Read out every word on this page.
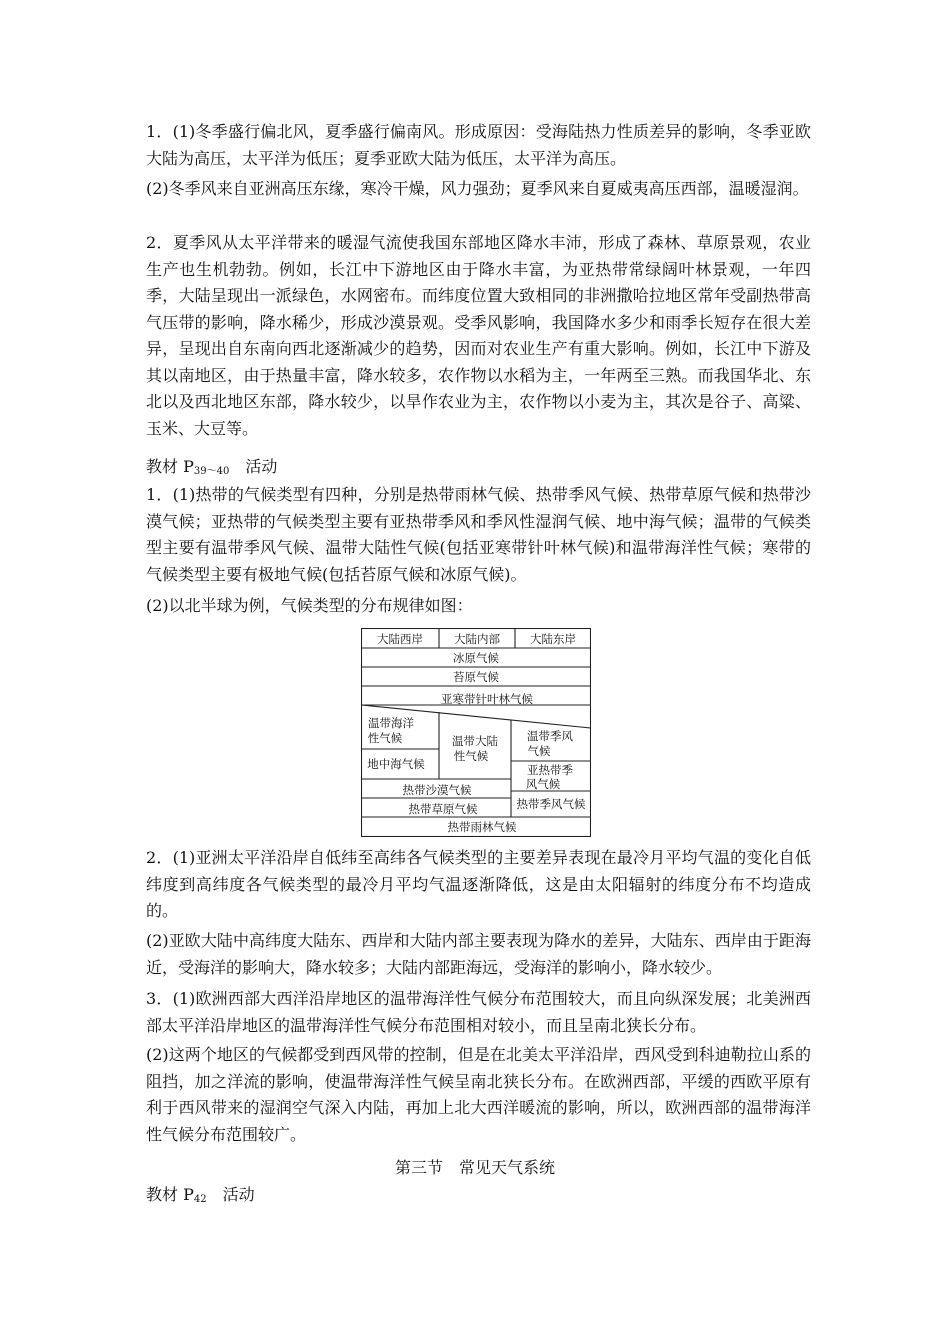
1．(1)冬季盛行偏北风，夏季盛行偏南风。形成原因：受海陆热力性质差异的影响，冬季亚欧大陆为高压，太平洋为低压；夏季亚欧大陆为低压，太平洋为高压。

(2)冬季风来自亚洲高压东缘，寒冷干燥，风力强劲；夏季风来自夏威夷高压西部，温暖湿润。

2．夏季风从太平洋带来的暖湿气流使我国东部地区降水丰沛，形成了森林、草原景观，农业生产也生机勃勃。例如，长江中下游地区由于降水丰富，为亚热带常绿阔叶林景观，一年四季，大陆呈现出一派绿色，水网密布。而纬度位置大致相同的非洲撒哈拉地区常年受副热带高气压带的影响，降水稀少，形成沙漠景观。受季风影响，我国降水多少和雨季长短存在很大差异，呈现出自东南向西北逐渐减少的趋势，因而对农业生产有重大影响。例如，长江中下游及其以南地区，由于热量丰富，降水较多，农作物以水稻为主，一年两至三熟。而我国华北、东北以及西北地区东部，降水较少，以旱作农业为主，农作物以小麦为主，其次是谷子、高粱、玉米、大豆等。

教材 $P_{39\sim 40}$　活动

1．(1)热带的气候类型有四种，分别是热带雨林气候、热带季风气候、热带草原气候和热带沙漠气候；亚热带的气候类型主要有亚热带季风和季风性湿润气候、地中海气候；温带的气候类型主要有温带季风气候、温带大陆性气候(包括亚寒带针叶林气候)和温带海洋性气候；寒带的气候类型主要有极地气候(包括苔原气候和冰原气候)。

(2)以北半球为例，气候类型的分布规律如图：

大陆西岸	大陆内部	大陆东岸
冰原气候
苔原气候
亚寒带针叶林气候
温带海洋
性气候
地中海气候
温带大陆
性气候
温带季风
气候
亚热带季
风气候
热带季风气候
热带沙漠气候
热带草原气候
热带雨林气候

2．(1)亚洲太平洋沿岸自低纬至高纬各气候类型的主要差异表现在最冷月平均气温的变化自低纬度到高纬度各气候类型的最冷月平均气温逐渐降低，这是由太阳辐射的纬度分布不均造成的。

(2)亚欧大陆中高纬度大陆东、西岸和大陆内部主要表现为降水的差异，大陆东、西岸由于距海近，受海洋的影响大，降水较多；大陆内部距海远，受海洋的影响小，降水较少。

3．(1)欧洲西部大西洋沿岸地区的温带海洋性气候分布范围较大，而且向纵深发展；北美洲西部太平洋沿岸地区的温带海洋性气候分布范围相对较小，而且呈南北狭长分布。

(2)这两个地区的气候都受到西风带的控制，但是在北美太平洋沿岸，西风受到科迪勒拉山系的阻挡，加之洋流的影响，使温带海洋性气候呈南北狭长分布。在欧洲西部，平缓的西欧平原有利于西风带来的湿润空气深入内陆，再加上北大西洋暖流的影响，所以，欧洲西部的温带海洋性气候分布范围较广。

第三节　常见天气系统

教材 $P_{42}$　活动
